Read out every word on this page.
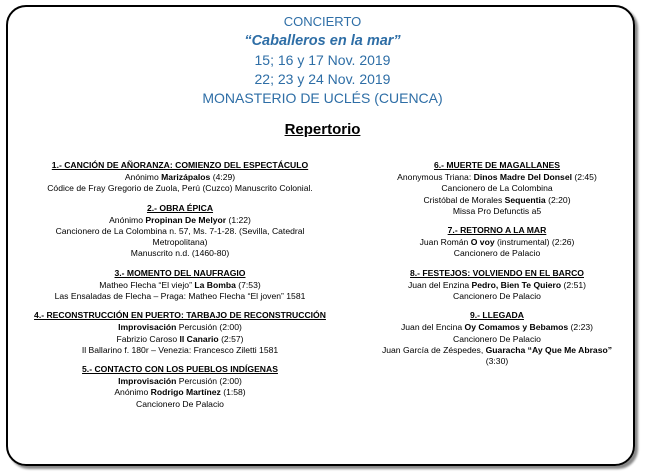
CONCIERTO
“Caballeros en la mar”
15; 16 y 17 Nov. 2019
22; 23 y 24 Nov. 2019
MONASTERIO DE UCLÉS (CUENCA)
Repertorio
1.- CANCIÓN DE AÑORANZA: COMIENZO DEL ESPECTÁCULO
Anónimo Marizápalos (4:29)
Códice de Fray Gregorio de Zuola, Perú (Cuzco) Manuscrito Colonial.
2.- OBRA ÉPICA
Anónimo Propinan De Melyor (1:22)
Cancionero de La Colombina n. 57, Ms. 7-1-28. (Sevilla, Catedral
Metropolitana)
Manuscrito n.d. (1460-80)
3.- MOMENTO DEL NAUFRAGIO
Matheo Flecha “El viejo” La Bomba (7:53)
Las Ensaladas de Flecha – Praga: Matheo Flecha “El joven” 1581
4.- RECONSTRUCCIÓN EN PUERTO: TARBAJO DE RECONSTRUCCIÓN
Improvisación Percusión (2:00)
Fabrizio Caroso Il Canario (2:57)
Il Ballarino f. 180r – Venezia: Francesco Ziletti 1581
5.- CONTACTO CON LOS PUEBLOS INDÍGENAS
Improvisación Percusión (2:00)
Anónimo Rodrigo Martínez (1:58)
Cancionero De Palacio
6.- MUERTE DE MAGALLANES
Anonymous Triana: Dinos Madre Del Donsel (2:45)
Cancionero de La Colombina
Cristóbal de Morales Sequentia (2:20)
Missa Pro Defunctis a5
7.- RETORNO A LA MAR
Juan Román O voy (instrumental) (2:26)
Cancionero de Palacio
8.- FESTEJOS: VOLVIENDO EN EL BARCO
Juan del Enzina Pedro, Bien Te Quiero (2:51)
Cancionero De Palacio
9.- LLEGADA
Juan del Encina Oy Comamos y Bebamos (2:23)
Cancionero De Palacio
Juan García de Zéspedes, Guaracha “Ay Que Me Abraso”
(3:30)
